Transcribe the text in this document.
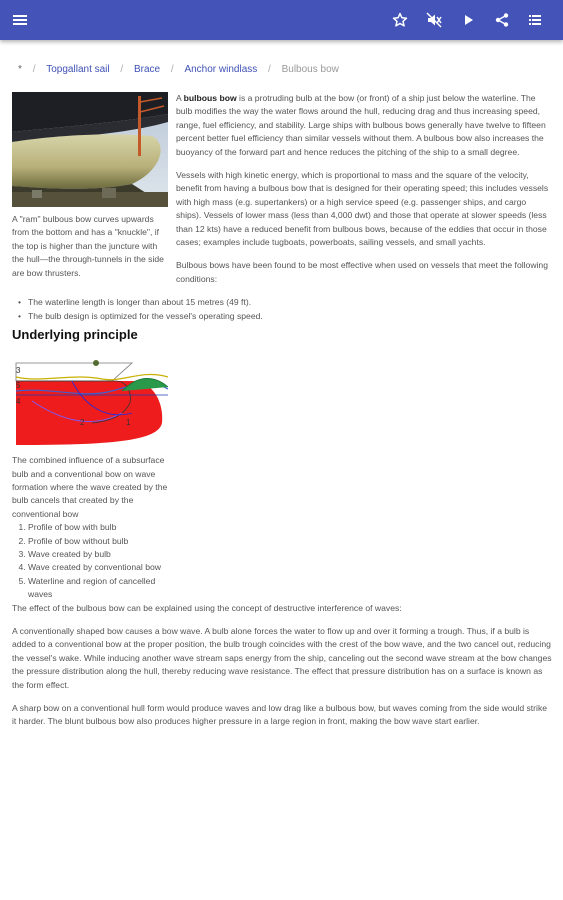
* / Topgallant sail / Brace / Anchor windlass / Bulbous bow
A "ram" bulbous bow curves upwards from the bottom and has a "knuckle", if the top is higher than the juncture with the hull—the through-tunnels in the side are bow thrusters.

A bulbous bow is a protruding bulb at the bow (or front) of a ship just below the waterline. The bulb modifies the way the water flows around the hull, reducing drag and thus increasing speed, range, fuel efficiency, and stability. Large ships with bulbous bows generally have twelve to fifteen percent better fuel efficiency than similar vessels without them. A bulbous bow also increases the buoyancy of the forward part and hence reduces the pitching of the ship to a small degree.

Vessels with high kinetic energy, which is proportional to mass and the square of the velocity, benefit from having a bulbous bow that is designed for their operating speed; this includes vessels with high mass (e.g. supertankers) or a high service speed (e.g. passenger ships, and cargo ships). Vessels of lower mass (less than 4,000 dwt) and those that operate at slower speeds (less than 12 kts) have a reduced benefit from bulbous bows, because of the eddies that occur in those cases; examples include tugboats, powerboats, sailing vessels, and small yachts.

Bulbous bows have been found to be most effective when used on vessels that meet the following conditions:

• The waterline length is longer than about 15 metres (49 ft).
• The bulb design is optimized for the vessel's operating speed.
Underlying principle
3
5
4
2	1
The combined influence of a subsurface bulb and a conventional bow on wave formation where the wave created by the bulb cancels that created by the conventional bow
1. Profile of bow with bulb
2. Profile of bow without bulb
3. Wave created by bulb
4. Wave created by conventional bow
5. Waterline and region of cancelled waves

The effect of the bulbous bow can be explained using the concept of destructive interference of waves:

A conventionally shaped bow causes a bow wave. A bulb alone forces the water to flow up and over it forming a trough. Thus, if a bulb is added to a conventional bow at the proper position, the bulb trough coincides with the crest of the bow wave, and the two cancel out, reducing the vessel's wake. While inducing another wave stream saps energy from the ship, canceling out the second wave stream at the bow changes the pressure distribution along the hull, thereby reducing wave resistance. The effect that pressure distribution has on a surface is known as the form effect.

A sharp bow on a conventional hull form would produce waves and low drag like a bulbous bow, but waves coming from the side would strike it harder. The blunt bulbous bow also produces higher pressure in a large region in front, making the bow wave start earlier.
